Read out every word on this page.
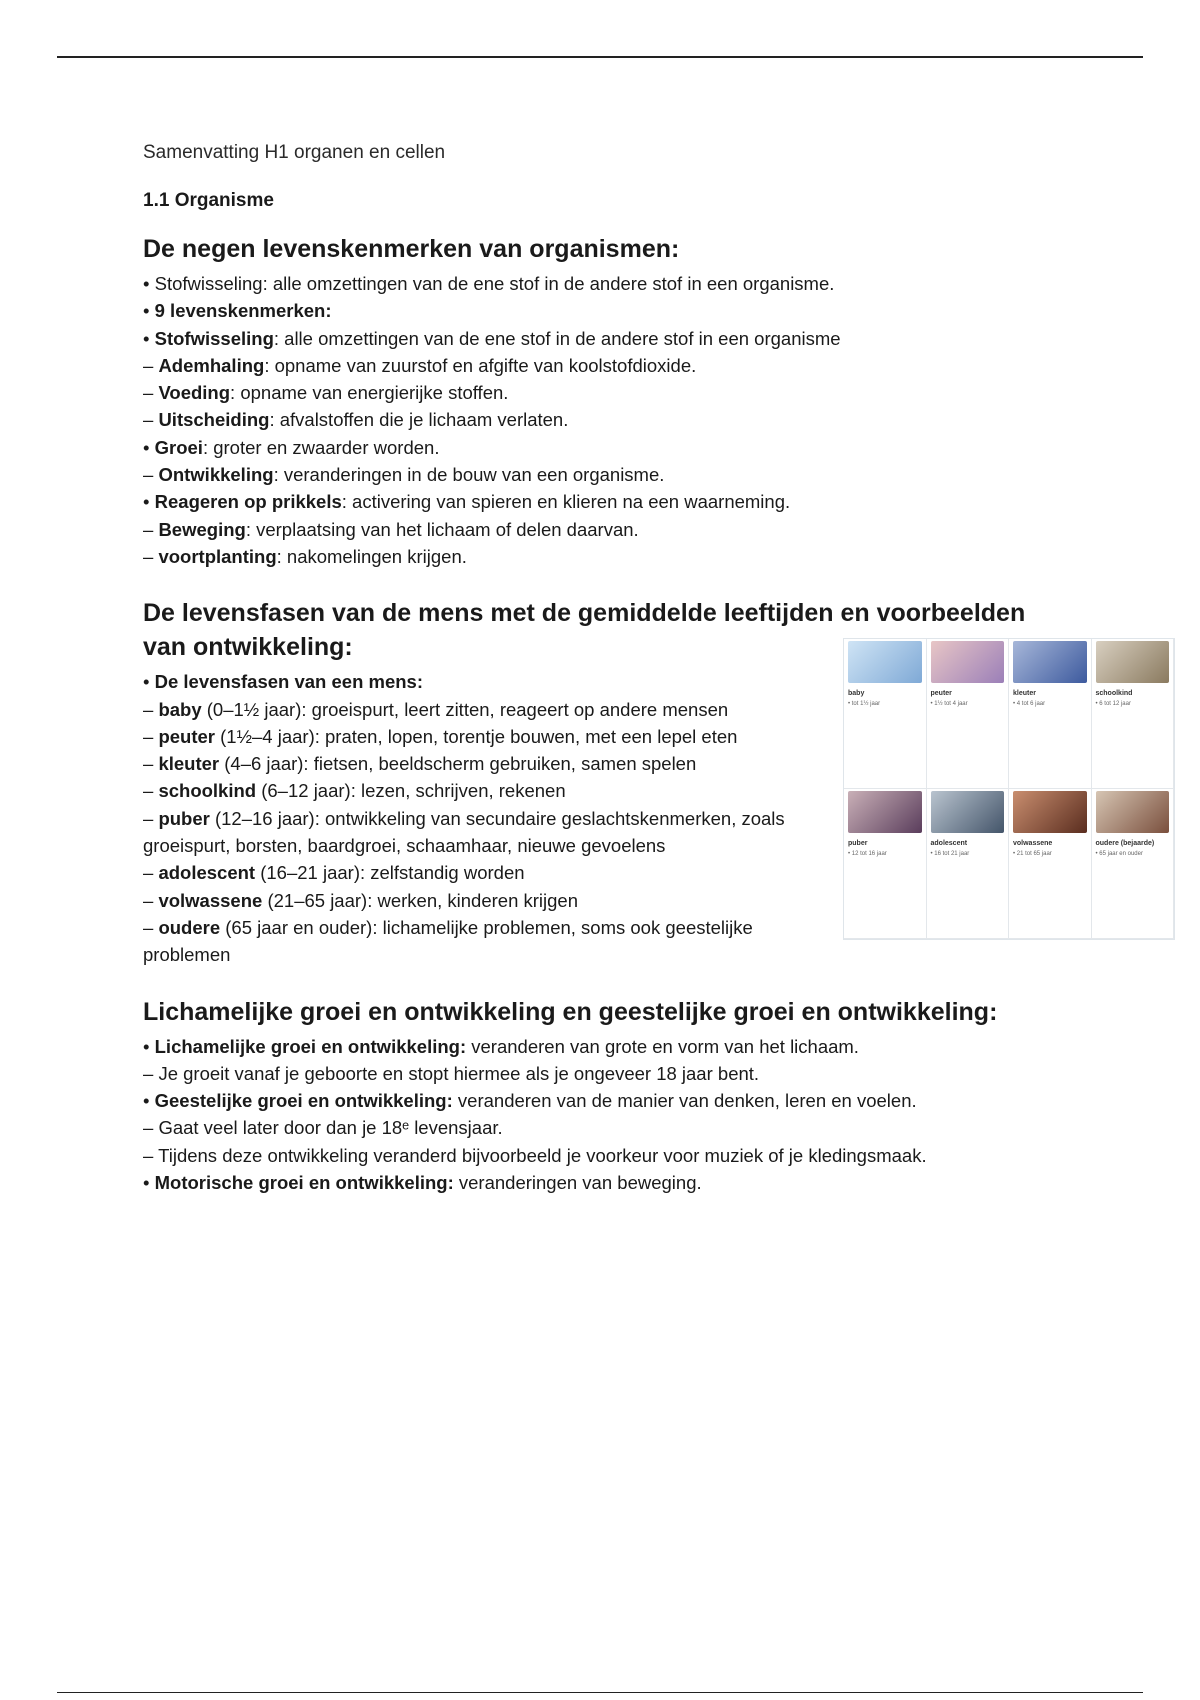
Samenvatting H1 organen en cellen
1.1 Organisme
De negen levenskenmerken van organismen:
• Stofwisseling: alle omzettingen van de ene stof in de andere stof in een organisme.
• 9 levenskenmerken:
• Stofwisseling: alle omzettingen van de ene stof in de andere stof in een organisme
– Ademhaling: opname van zuurstof en afgifte van koolstofdioxide.
– Voeding: opname van energierijke stoffen.
– Uitscheiding: afvalstoffen die je lichaam verlaten.
• Groei: groter en zwaarder worden.
– Ontwikkeling: veranderingen in de bouw van een organisme.
• Reageren op prikkels: activering van spieren en klieren na een waarneming.
– Beweging: verplaatsing van het lichaam of delen daarvan.
– voortplanting: nakomelingen krijgen.
De levensfasen van de mens met de gemiddelde leeftijden en voorbeelden van ontwikkeling:
• De levensfasen van een mens:
– baby (0–1½ jaar): groeispurt, leert zitten, reageert op andere mensen
– peuter (1½–4 jaar): praten, lopen, torentje bouwen, met een lepel eten
– kleuter (4–6 jaar): fietsen, beeldscherm gebruiken, samen spelen
– schoolkind (6–12 jaar): lezen, schrijven, rekenen
– puber (12–16 jaar): ontwikkeling van secundaire geslachtskenmerken, zoals groeispurt, borsten, baardgroei, schaamhaar, nieuwe gevoelens
– adolescent (16–21 jaar): zelfstandig worden
– volwassene (21–65 jaar): werken, kinderen krijgen
– oudere (65 jaar en ouder): lichamelijke problemen, soms ook geestelijke problemen
baby
• tot 1½ jaar
peuter
• 1½ tot 4 jaar
kleuter
• 4 tot 6 jaar
schoolkind
• 6 tot 12 jaar
puber
• 12 tot 16 jaar
adolescent
• 16 tot 21 jaar
volwassene
• 21 tot 65 jaar
oudere (bejaarde)
• 65 jaar en ouder
Lichamelijke groei en ontwikkeling en geestelijke groei en ontwikkeling:
• Lichamelijke groei en ontwikkeling: veranderen van grote en vorm van het lichaam.
– Je groeit vanaf je geboorte en stopt hiermee als je ongeveer 18 jaar bent.
• Geestelijke groei en ontwikkeling: veranderen van de manier van denken, leren en voelen.
– Gaat veel later door dan je 18ᵉ levensjaar.
– Tijdens deze ontwikkeling veranderd bijvoorbeeld je voorkeur voor muziek of je kledingsmaak.
• Motorische groei en ontwikkeling: veranderingen van beweging.
